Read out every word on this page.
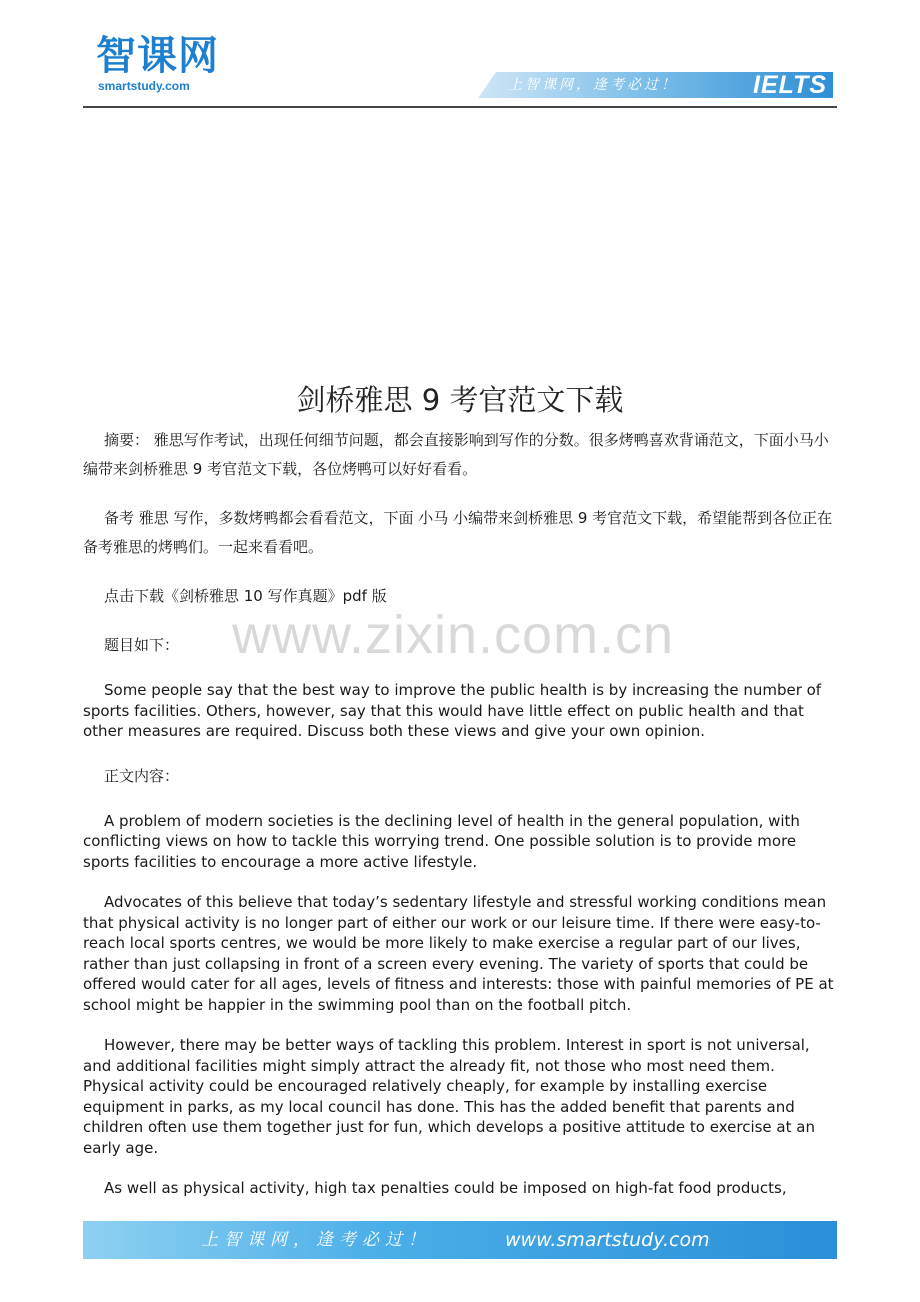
智课网
smartstudy.com	上智课网，逢考必过！	IELTS
剑桥雅思 9 考官范文下载

摘要： 雅思写作考试，出现任何细节问题，都会直接影响到写作的分数。很多烤鸭喜欢背诵范文，下面小马小编带来剑桥雅思 9 考官范文下载，各位烤鸭可以好好看看。

备考 雅思 写作，多数烤鸭都会看看范文，下面 小马 小编带来剑桥雅思 9 考官范文下载，希望能帮到各位正在备考雅思的烤鸭们。一起来看看吧。

点击下载《剑桥雅思 10 写作真题》pdf 版

题目如下：

Some people say that the best way to improve the public health is by increasing the number of sports facilities. Others, however, say that this would have little effect on public health and that other measures are required. Discuss both these views and give your own opinion.

正文内容：

A problem of modern societies is the declining level of health in the general population, with conflicting views on how to tackle this worrying trend. One possible solution is to provide more sports facilities to encourage a more active lifestyle.

Advocates of this believe that today’s sedentary lifestyle and stressful working conditions mean that physical activity is no longer part of either our work or our leisure time. If there were easy-to-reach local sports centres, we would be more likely to make exercise a regular part of our lives, rather than just collapsing in front of a screen every evening. The variety of sports that could be offered would cater for all ages, levels of fitness and interests: those with painful memories of PE at school might be happier in the swimming pool than on the football pitch.

However, there may be better ways of tackling this problem. Interest in sport is not universal, and additional facilities might simply attract the already fit, not those who most need them. Physical activity could be encouraged relatively cheaply, for example by installing exercise equipment in parks, as my local council has done. This has the added benefit that parents and children often use them together just for fun, which develops a positive attitude to exercise at an early age.

As well as physical activity, high tax penalties could be imposed on high-fat food products,

www.zixin.com.cn
上智课网，逢考必过！	www.smartstudy.com
